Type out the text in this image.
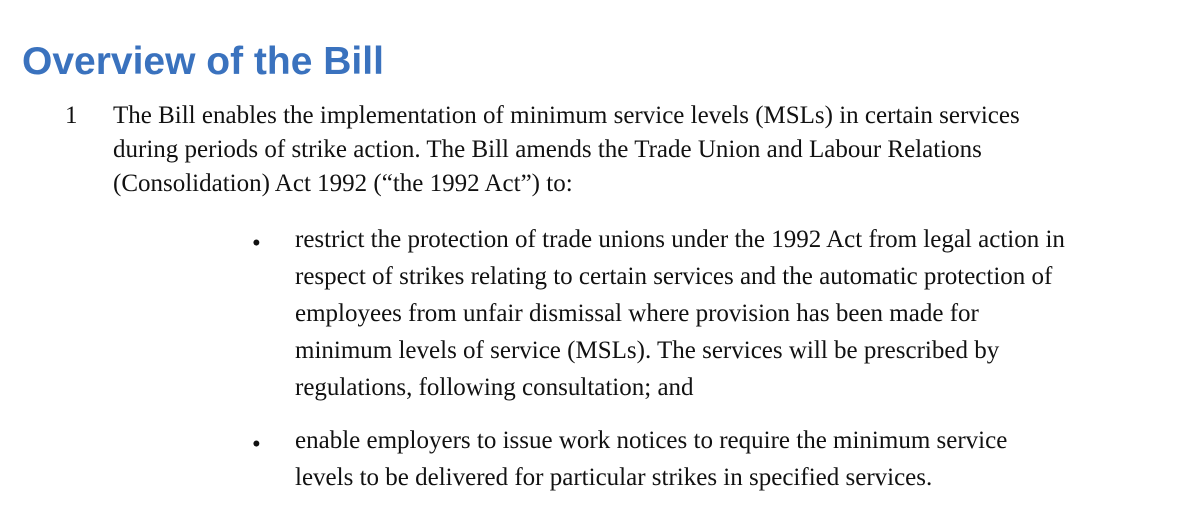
Overview of the Bill
1 The Bill enables the implementation of minimum service levels (MSLs) in certain services
during periods of strike action. The Bill amends the Trade Union and Labour Relations
(Consolidation) Act 1992 (“the 1992 Act”) to:

• restrict the protection of trade unions under the 1992 Act from legal action in
respect of strikes relating to certain services and the automatic protection of
employees from unfair dismissal where provision has been made for
minimum levels of service (MSLs). The services will be prescribed by
regulations, following consultation; and

• enable employers to issue work notices to require the minimum service
levels to be delivered for particular strikes in specified services.
